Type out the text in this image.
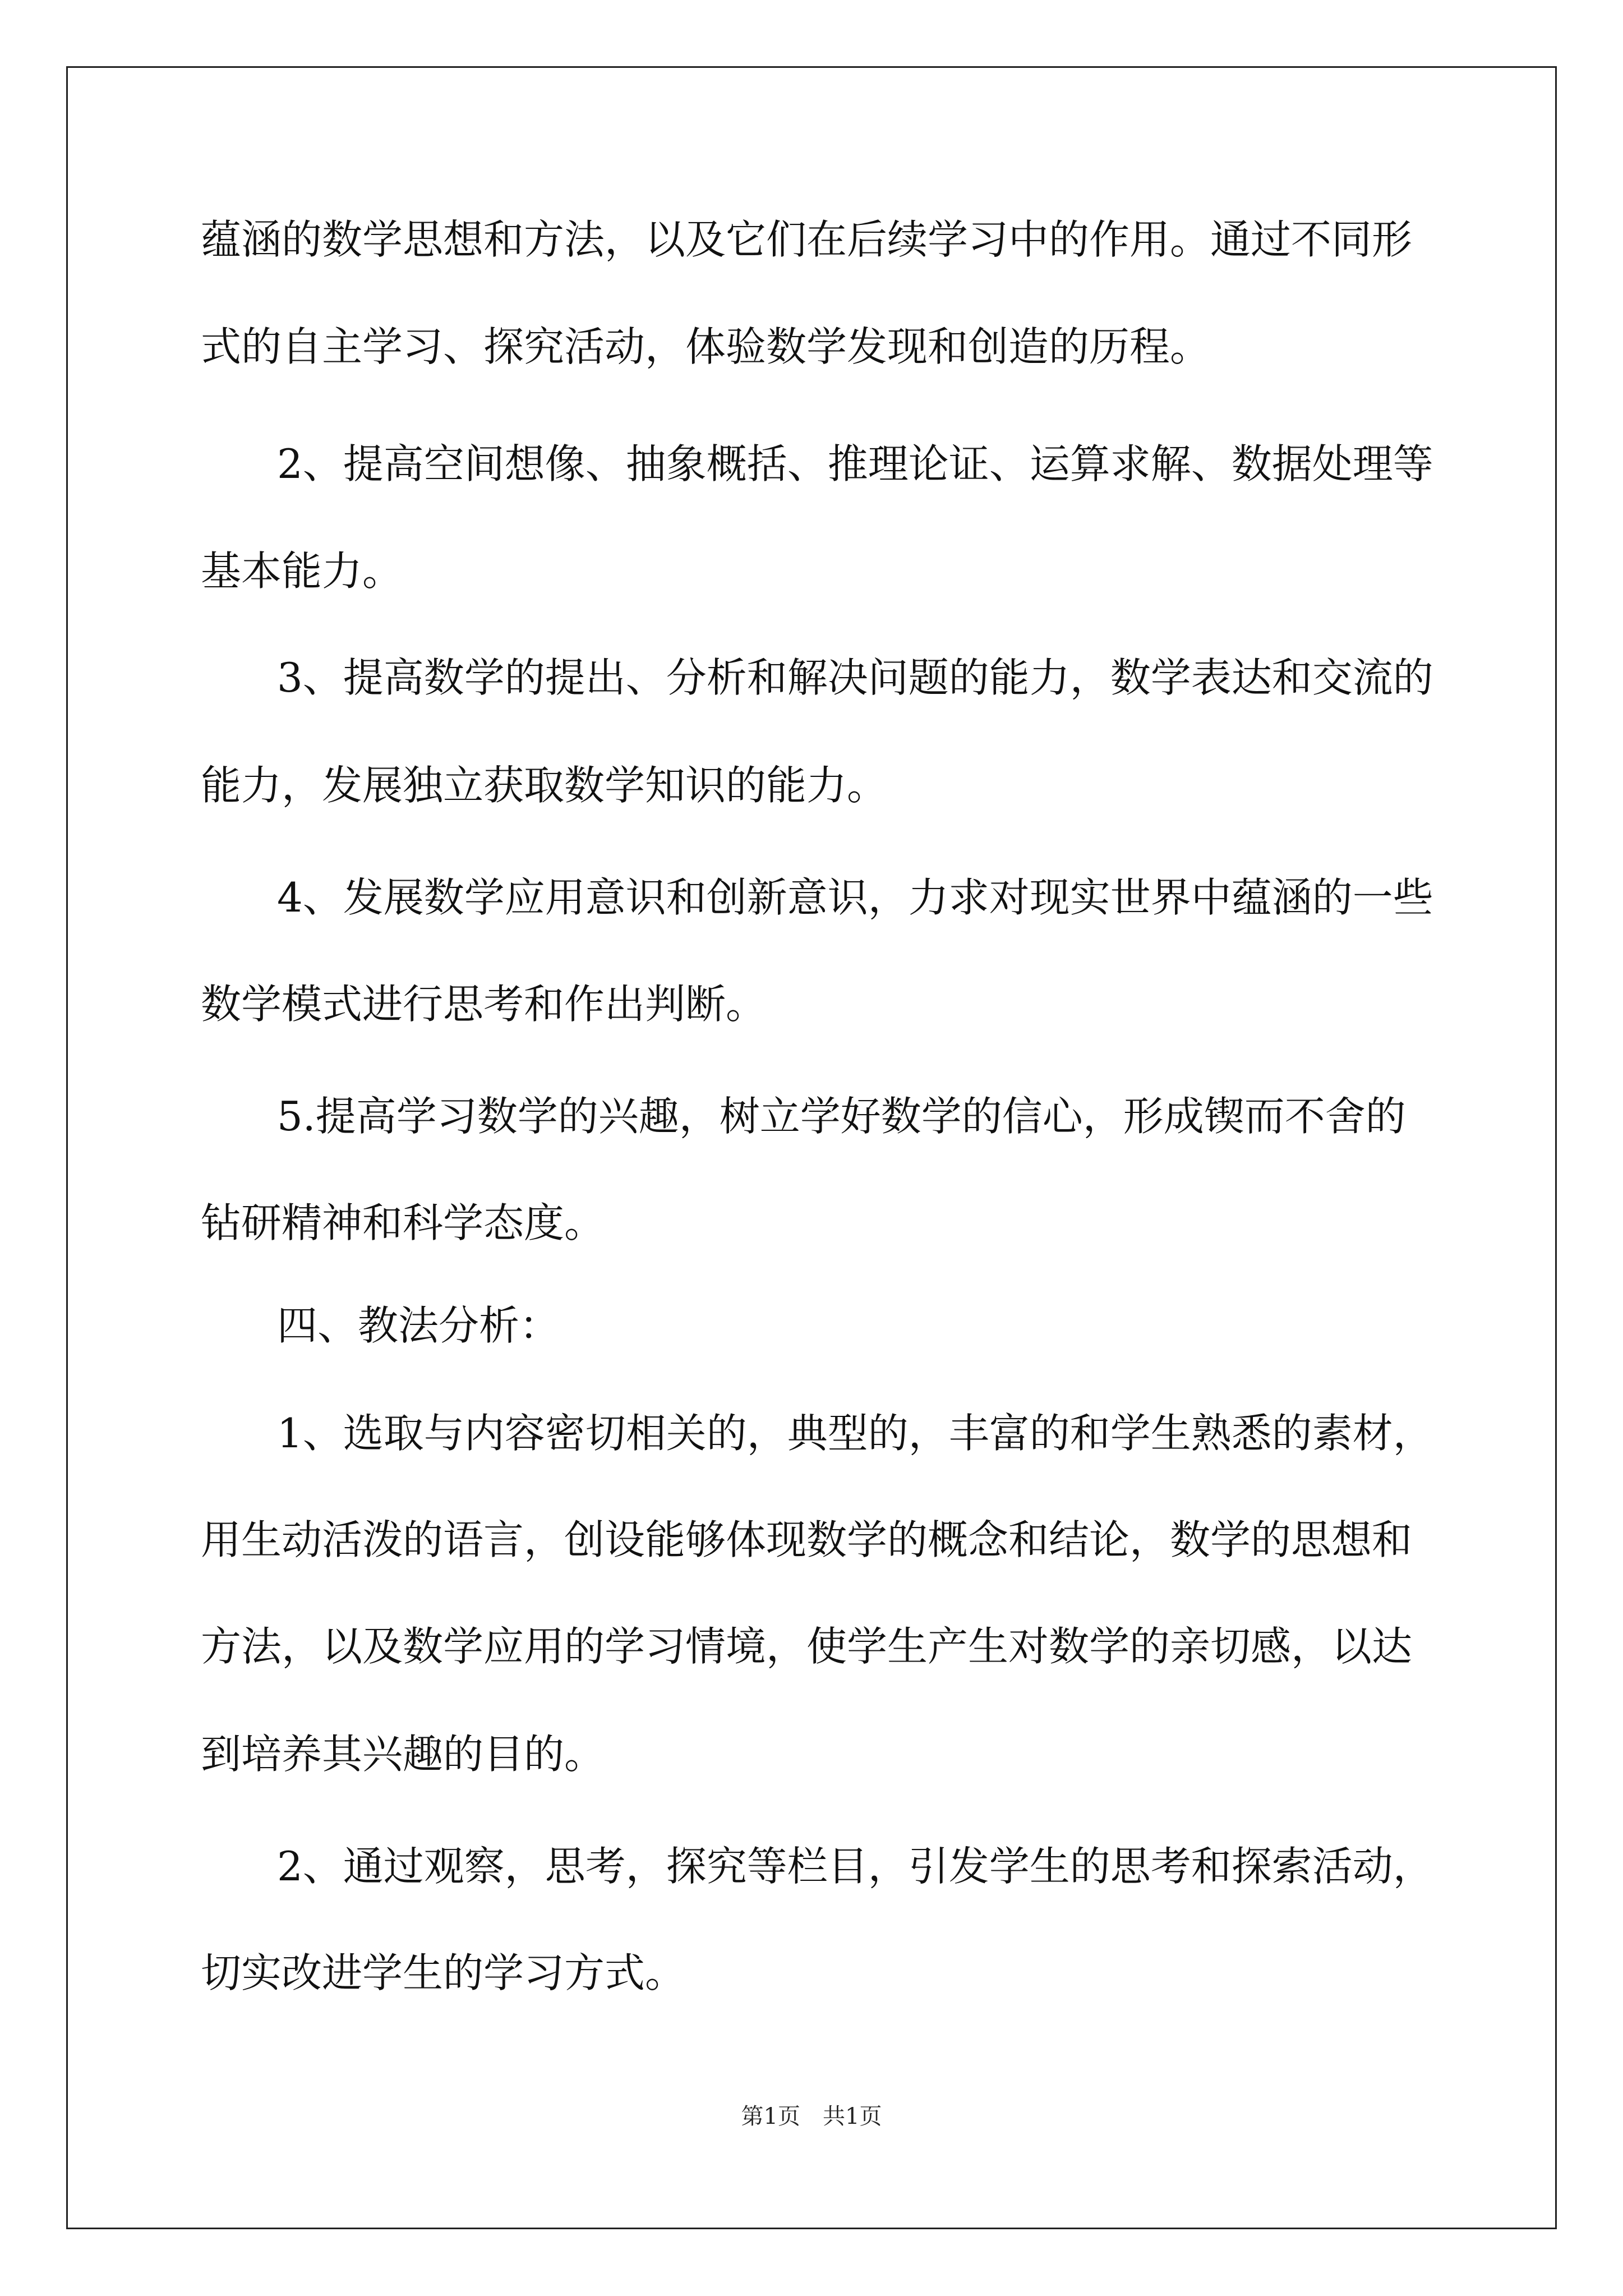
蕴涵的数学思想和方法，以及它们在后续学习中的作用。通过不同形
式的自主学习、探究活动，体验数学发现和创造的历程。
2、提高空间想像、抽象概括、推理论证、运算求解、数据处理等
基本能力。
3、提高数学的提出、分析和解决问题的能力，数学表达和交流的
能力，发展独立获取数学知识的能力。
4、发展数学应用意识和创新意识，力求对现实世界中蕴涵的一些
数学模式进行思考和作出判断。
5.提高学习数学的兴趣，树立学好数学的信心，形成锲而不舍的
钻研精神和科学态度。
四、教法分析：
1、选取与内容密切相关的，典型的，丰富的和学生熟悉的素材，
用生动活泼的语言，创设能够体现数学的概念和结论，数学的思想和
方法，以及数学应用的学习情境，使学生产生对数学的亲切感，以达
到培养其兴趣的目的。
2、通过观察，思考，探究等栏目，引发学生的思考和探索活动，
切实改进学生的学习方式。
第1页 共1页
